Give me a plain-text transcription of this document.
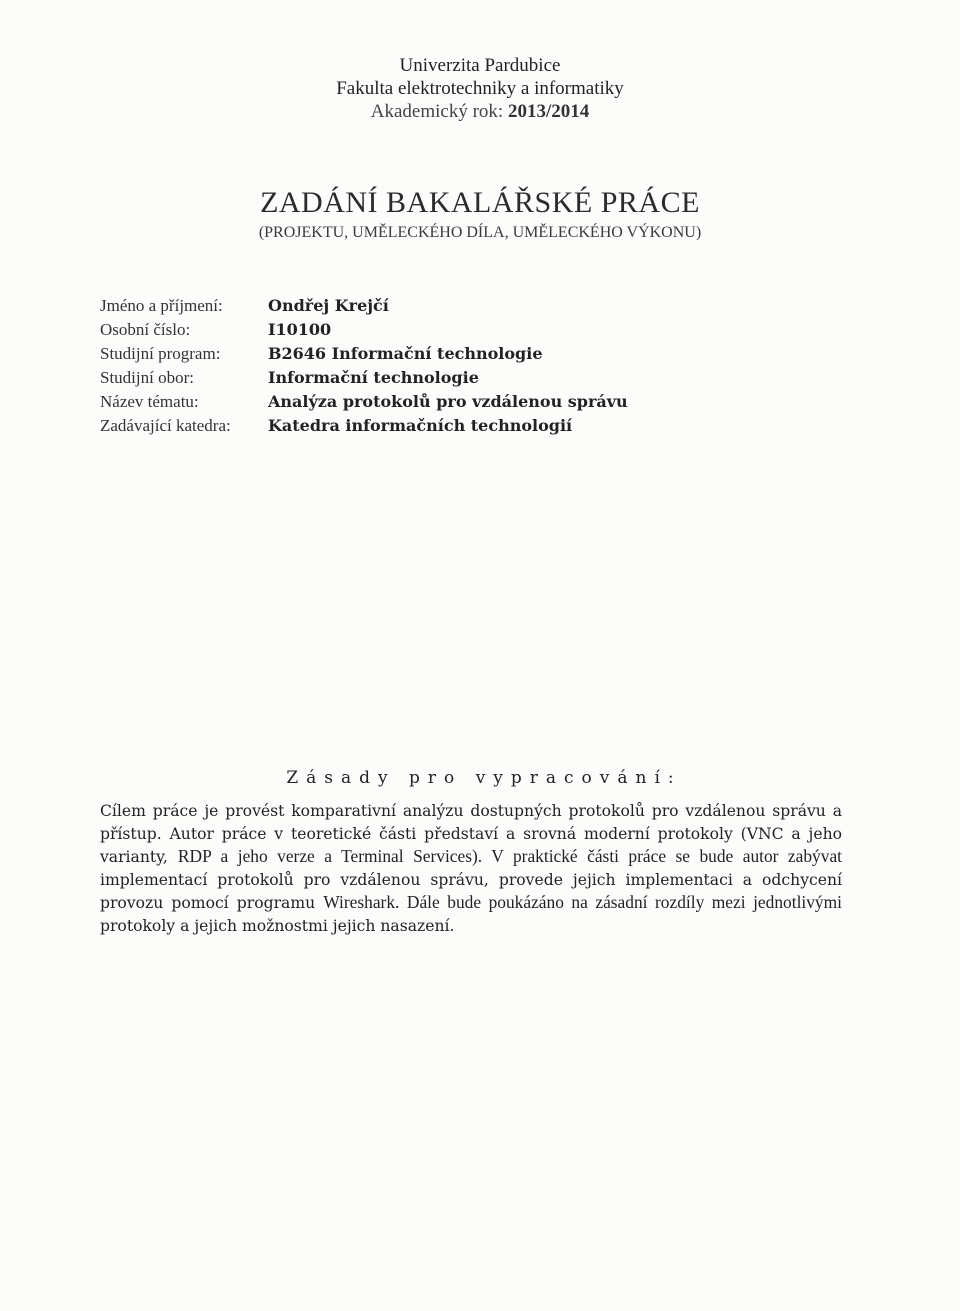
Univerzita Pardubice
Fakulta elektrotechniky a informatiky
Akademický rok: 2013/2014
ZADÁNÍ BAKALÁŘSKÉ PRÁCE
(PROJEKTU, UMĚLECKÉHO DÍLA, UMĚLECKÉHO VÝKONU)
Jméno a příjmení:	Ondřej Krejčí
Osobní číslo:	I10100
Studijní program:	B2646 Informační technologie
Studijní obor:	Informační technologie
Název tématu:	Analýza protokolů pro vzdálenou správu
Zadávající katedra:	Katedra informačních technologií
Zásady pro vypracování:

Cílem práce je provést komparativní analýzu dostupných protokolů pro vzdálenou správu a přístup. Autor práce v teoretické části představí a srovná moderní protokoly (VNC a jeho varianty, RDP a jeho verze a Terminal Services). V praktické části práce se bude autor zabývat implementací protokolů pro vzdálenou správu, provede jejich implementaci a odchycení provozu pomocí programu Wireshark. Dále bude poukázáno na zásadní rozdíly mezi jednotlivými protokoly a jejich možnostmi jejich nasazení.
